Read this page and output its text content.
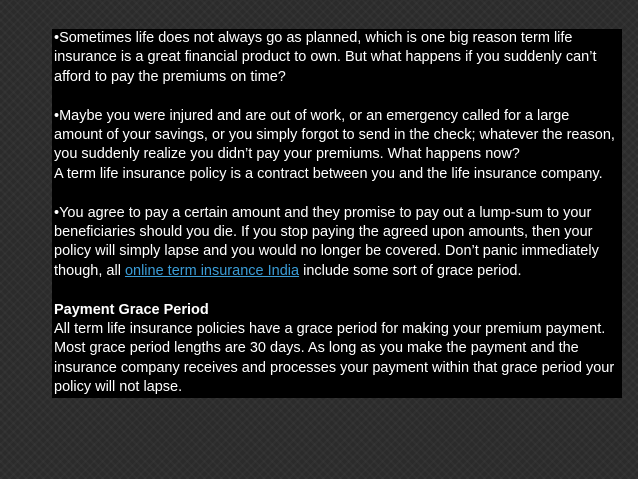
•Sometimes life does not always go as planned, which is one big reason term life insurance is a great financial product to own. But what happens if you suddenly can’t afford to pay the premiums on time?

•Maybe you were injured and are out of work, or an emergency called for a large amount of your savings, or you simply forgot to send in the check; whatever the reason, you suddenly realize you didn’t pay your premiums. What happens now?

A term life insurance policy is a contract between you and the life insurance company.

•You agree to pay a certain amount and they promise to pay out a lump-sum to your beneficiaries should you die. If you stop paying the agreed upon amounts, then your policy will simply lapse and you would no longer be covered. Don’t panic immediately though, all online term insurance India include some sort of grace period.

Payment Grace Period

All term life insurance policies have a grace period for making your premium payment. Most grace period lengths are 30 days. As long as you make the payment and the insurance company receives and processes your payment within that grace period your policy will not lapse.
